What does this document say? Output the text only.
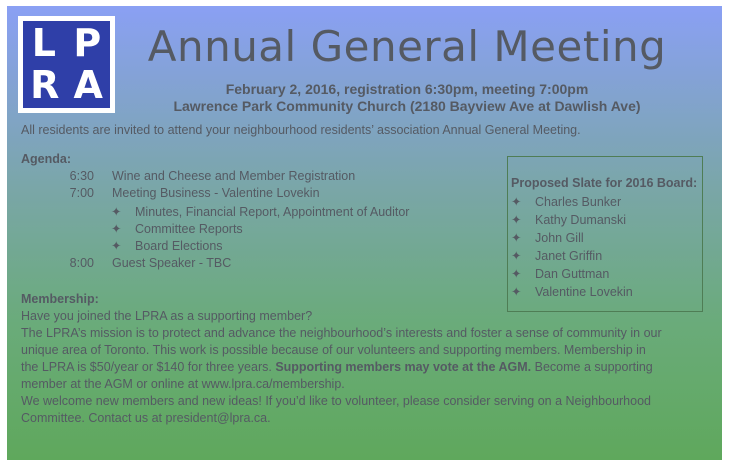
L P
R A
Annual General Meeting
February 2, 2016, registration 6:30pm, meeting 7:00pm
Lawrence Park Community Church (2180 Bayview Ave at Dawlish Ave)
All residents are invited to attend your neighbourhood residents’ association Annual General Meeting.
Agenda:
6:30 Wine and Cheese and Member Registration
7:00 Meeting Business - Valentine Lovekin
✦ Minutes, Financial Report, Appointment of Auditor
✦ Committee Reports
✦ Board Elections
8:00 Guest Speaker - TBC
Proposed Slate for 2016 Board:
✦ Charles Bunker
✦ Kathy Dumanski
✦ John Gill
✦ Janet Griffin
✦ Dan Guttman
✦ Valentine Lovekin
Membership:
Have you joined the LPRA as a supporting member?
The LPRA’s mission is to protect and advance the neighbourhood’s interests and foster a sense of community in our
unique area of Toronto. This work is possible because of our volunteers and supporting members. Membership in
the LPRA is $50/year or $140 for three years. Supporting members may vote at the AGM. Become a supporting
member at the AGM or online at www.lpra.ca/membership.
We welcome new members and new ideas! If you’d like to volunteer, please consider serving on a Neighbourhood
Committee. Contact us at president@lpra.ca.
